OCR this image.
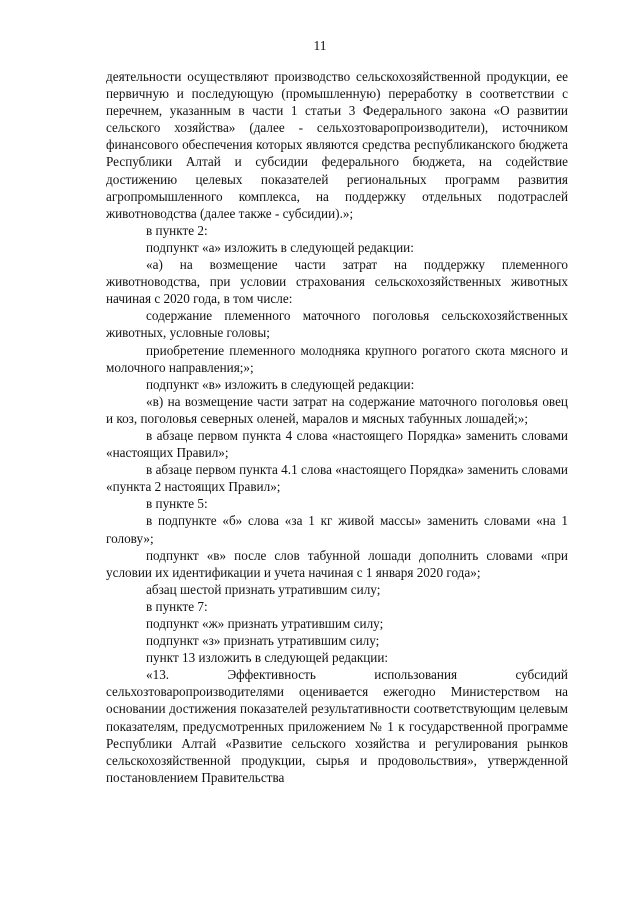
11

деятельности осуществляют производство сельскохозяйственной продукции, ее первичную и последующую (промышленную) переработку в соответствии с перечнем, указанным в части 1 статьи 3 Федерального закона «О развитии сельского хозяйства» (далее - сельхозтоваропроизводители), источником финансового обеспечения которых являются средства республиканского бюджета Республики Алтай и субсидии федерального бюджета, на содействие достижению целевых показателей региональных программ развития агропромышленного комплекса, на поддержку отдельных подотраслей животноводства (далее также - субсидии).»;

в пункте 2:

подпункт «а» изложить в следующей редакции:

«а) на возмещение части затрат на поддержку племенного животноводства, при условии страхования сельскохозяйственных животных начиная с 2020 года, в том числе:

содержание племенного маточного поголовья сельскохозяйственных животных, условные головы;

приобретение племенного молодняка крупного рогатого скота мясного и молочного направления;»;

подпункт «в» изложить в следующей редакции:

«в) на возмещение части затрат на содержание маточного поголовья овец и коз, поголовья северных оленей, маралов и мясных табунных лошадей;»;

в абзаце первом пункта 4 слова «настоящего Порядка» заменить словами «настоящих Правил»;

в абзаце первом пункта 4.1 слова «настоящего Порядка» заменить словами «пункта 2 настоящих Правил»;

в пункте 5:

в подпункте «б» слова «за 1 кг живой массы» заменить словами «на 1 голову»;

подпункт «в» после слов табунной лошади дополнить словами «при условии их идентификации и учета начиная с 1 января 2020 года»;

абзац шестой признать утратившим силу;

в пункте 7:

подпункт «ж» признать утратившим силу;

подпункт «з» признать утратившим силу;

пункт 13 изложить в следующей редакции:

«13. Эффективность использования субсидий сельхозтоваропроизводителями оценивается ежегодно Министерством на основании достижения показателей результативности соответствующим целевым показателям, предусмотренных приложением № 1 к государственной программе Республики Алтай «Развитие сельского хозяйства и регулирования рынков сельскохозяйственной продукции, сырья и продовольствия», утвержденной постановлением Правительства
